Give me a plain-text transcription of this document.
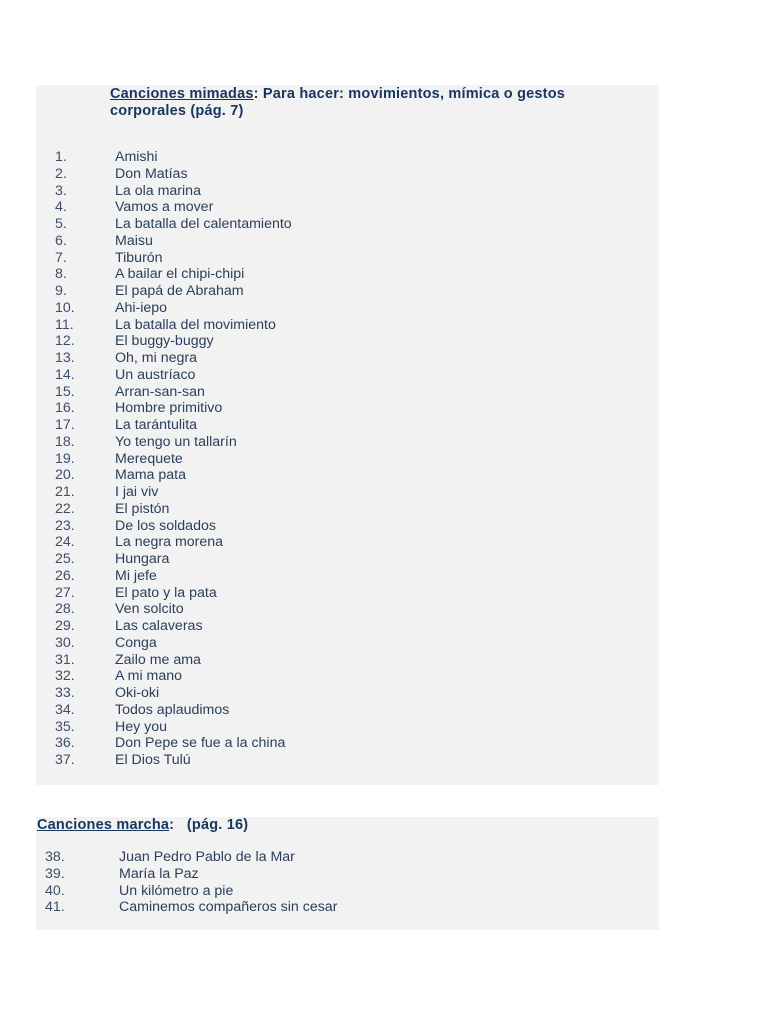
Canciones mimadas: Para hacer: movimientos, mímica o gestos corporales (pág. 7)
1.	Amishi
2.	Don Matías
3.	La ola marina
4.	Vamos a mover
5.	La batalla del calentamiento
6.	Maisu
7.	Tiburón
8.	A bailar el chipi-chipi
9.	El papá de Abraham
10.	Ahi-iepo
11.	La batalla del movimiento
12.	El buggy-buggy
13.	Oh, mi negra
14.	Un austríaco
15.	Arran-san-san
16.	Hombre primitivo
17.	La tarántulita
18.	Yo tengo un tallarín
19.	Merequete
20.	Mama pata
21.	I jai viv
22.	El pistón
23.	De los soldados
24.	La negra morena
25.	Hungara
26.	Mi jefe
27.	El pato y la pata
28.	Ven solcito
29.	Las calaveras
30.	Conga
31.	Zailo me ama
32.	A mi mano
33.	Oki-oki
34.	Todos aplaudimos
35.	Hey you
36.	Don Pepe se fue a la china
37.	El Dios Tulú
Canciones marcha:   (pág. 16)
38.	Juan Pedro Pablo de la Mar
39.	María la Paz
40.	Un kilómetro a pie
41.	Caminemos compañeros sin cesar
